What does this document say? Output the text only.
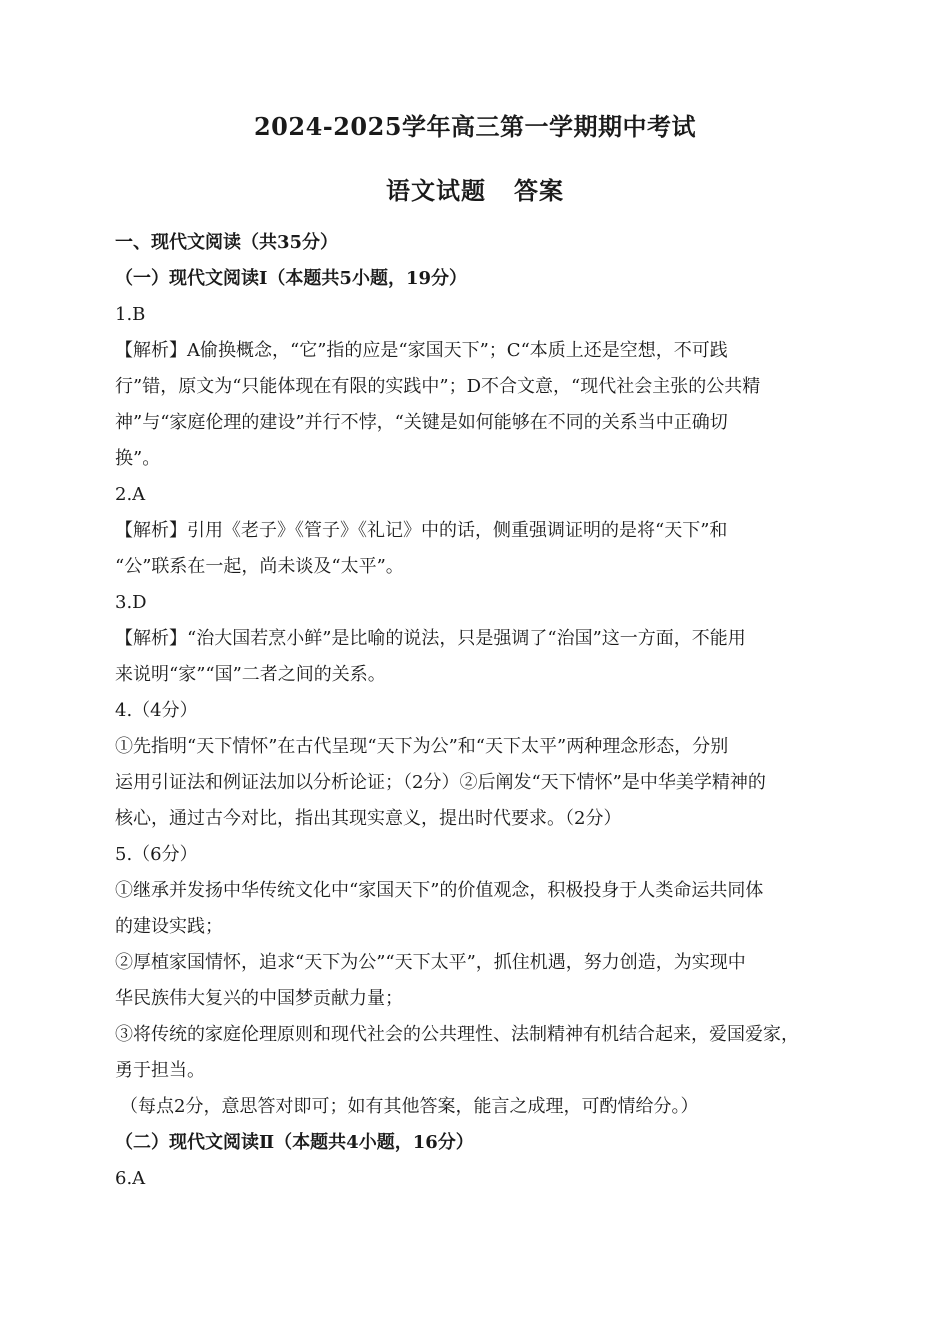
2024-2025学年高三第一学期期中考试
语文试题 答案
一、现代文阅读（共35分）
（一）现代文阅读Ⅰ（本题共5小题，19分）
1.B
【解析】A偷换概念，“它”指的应是“家国天下”；C“本质上还是空想，不可践
行”错，原文为“只能体现在有限的实践中”；D不合文意，“现代社会主张的公共精
神”与“家庭伦理的建设”并行不悖，“关键是如何能够在不同的关系当中正确切
换”。
2.A
【解析】引用《老子》《管子》《礼记》中的话，侧重强调证明的是将“天下”和
“公”联系在一起，尚未谈及“太平”。
3.D
【解析】“治大国若烹小鲜”是比喻的说法，只是强调了“治国”这一方面，不能用
来说明“家”“国”二者之间的关系。
4.（4分）
①先指明“天下情怀”在古代呈现“天下为公”和“天下太平”两种理念形态，分别
运用引证法和例证法加以分析论证；（2分）②后阐发“天下情怀”是中华美学精神的
核心，通过古今对比，指出其现实意义，提出时代要求。（2分）
5.（6分）
①继承并发扬中华传统文化中“家国天下”的价值观念，积极投身于人类命运共同体
的建设实践；
②厚植家国情怀，追求“天下为公”“天下太平”，抓住机遇，努力创造，为实现中
华民族伟大复兴的中国梦贡献力量；
③将传统的家庭伦理原则和现代社会的公共理性、法制精神有机结合起来，爱国爱家，
勇于担当。
（每点2分，意思答对即可；如有其他答案，能言之成理，可酌情给分。）
（二）现代文阅读Ⅱ（本题共4小题，16分）
6.A
